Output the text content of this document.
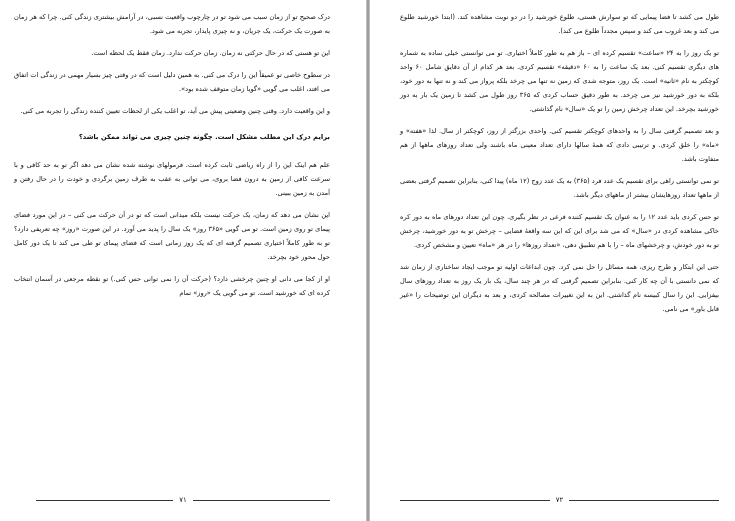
درک صحیح تو از زمان سبب می شود تو در چارچوب واقعیت نسبی، در آرامش بیشتری زندگی کنی. چرا که هر زمان به صورت یک حرکت، یک جریان، و نه چیزی پایدار، تجربه می شود.

این تو هستی که در حال حرکتی نه زمان. زمان حرکت ندارد. زمان فقط یک لحظه است.

در سطوح خاصی تو عمیقاً این را درک می کنی. به همین دلیل است که در وقتی چیز بسیار مهمی در زندگی ات اتفاق می افتد، اغلب می گویی «گویا زمان متوقف شده بود».

و این واقعیت دارد. وقتی چنین وضعیتی پیش می آید، تو اغلب یکی از لحظات تعیین کننده زندگی را تجربه می کنی.

برایم درک این مطلب مشکل است. چگونه چنین چیزی می تواند ممکن باشد؟

علم هم اینک این را از راه ریاضی ثابت کرده است. فرمولهای نوشته شده نشان می دهد اگر تو به حد کافی و با سرعت کافی از زمین به درون فضا بروی، می توانی به عقب به طرف زمین برگردی و خودت را در حال رفتن و آمدن به زمین ببینی.

این نشان می دهد که زمان، یک حرکت نیست بلکه میدانی است که تو در آن حرکت می کنی – در این مورد فضای پیمای تو روی زمین است. تو می گویی «۳۶۵ روز» یک سال را پدید می آورد. در این صورت «روز» چه تعریفی دارد؟ تو به طور کاملاً اختیاری تصمیم گرفته ای که یک روز زمانی است که فضای پیمای تو طی می کند تا یک دور کامل حول محور خود بچرخد.

او از کجا می دانی او چنین چرخشی دارد؟ (حرکت آن را نمی توانی حس کنی.) تو نقطه مرجعی در آسمان انتخاب کرده ای که خورشید است. تو می گویی یک «روز» تمام

۷۱

طول می کشد تا فضا پیمایی که تو سوارش هستی، طلوع خورشید را در دو نوبت مشاهده کند. (ابتدا خورشید طلوع می کند و بعد غروب می کند و سپس مجدداً طلوع می کند).

تو یک روز را به ۲۴ «ساعت» تقسیم کرده ای – باز هم به طور کاملاً اختیاری. تو می توانستی خیلی ساده به شماره های دیگری تقسیم کنی. بعد یک ساعت را به ۶۰ «دقیقه» تقسیم کردی. بعد هر کدام از آن دقایق شامل ۶۰ واحد کوچکتر به نام «ثانیه» است. یک روز، متوجه شدی که زمین نه تنها می چرخد بلکه پرواز می کند و نه تنها به دور خود، بلکه به دور خورشید نیز می چرخد. به طور دقیق حساب کردی که ۳۶۵ روز طول می کشد تا زمین یک بار به دور خورشید بچرخد. این تعداد چرخش زمین را تو یک «سال» نام گذاشتی.

و بعد تصمیم گرفتی سال را به واحدهای کوچکتر تقسیم کنی. واحدی بزرگتر از روز، کوچکتر از سال. لذا «هفته» و «ماه» را خلق کردی. و ترتیبی دادی که همهٔ سالها دارای تعداد معینی ماه باشند ولی تعداد روزهای ماهها از هم متفاوت باشد.

تو نمی توانستی راهی برای تقسیم یک عدد فرد (۳۶۵) به یک عدد زوج (۱۲ ماه) پیدا کنی، بنابراین تصمیم گرفتی بعضی از ماهها تعداد روزهایشان بیشتر از ماههای دیگر باشد.

تو حس کردی باید عدد ۱۲ را به عنوان یک تقسیم کننده فرعی در نظر بگیری. چون این تعداد دورهای ماه به دور کره خاکی مشاهده کردی در «سال» که می شد برای این که این سه واقعهٔ فضایی – چرخش تو به دور خورشید، چرخش تو به دور خودش، و چرخشهای ماه – را با هم تطبیق دهی، «تعداد روزها» را در هر «ماه» تعیین و مشخص کردی.

حتی این ابتکار و طرح ریزی، همه مسائل را حل نمی کرد. چون ابداعات اولیه تو موجب ایجاد ساختاری از زمان شد که نمی دانستی با آن چه کار کنی. بنابراین تصمیم گرفتی که در هر چند سال، یک بار یک روز به تعداد روزهای سال بیفزایی. این را سال کبیسه نام گذاشتی. این به این تغییرات مصالحه کردی، و بعد به دیگران این توضیحات را «غیر قابل باور» می نامی.

۷۲
